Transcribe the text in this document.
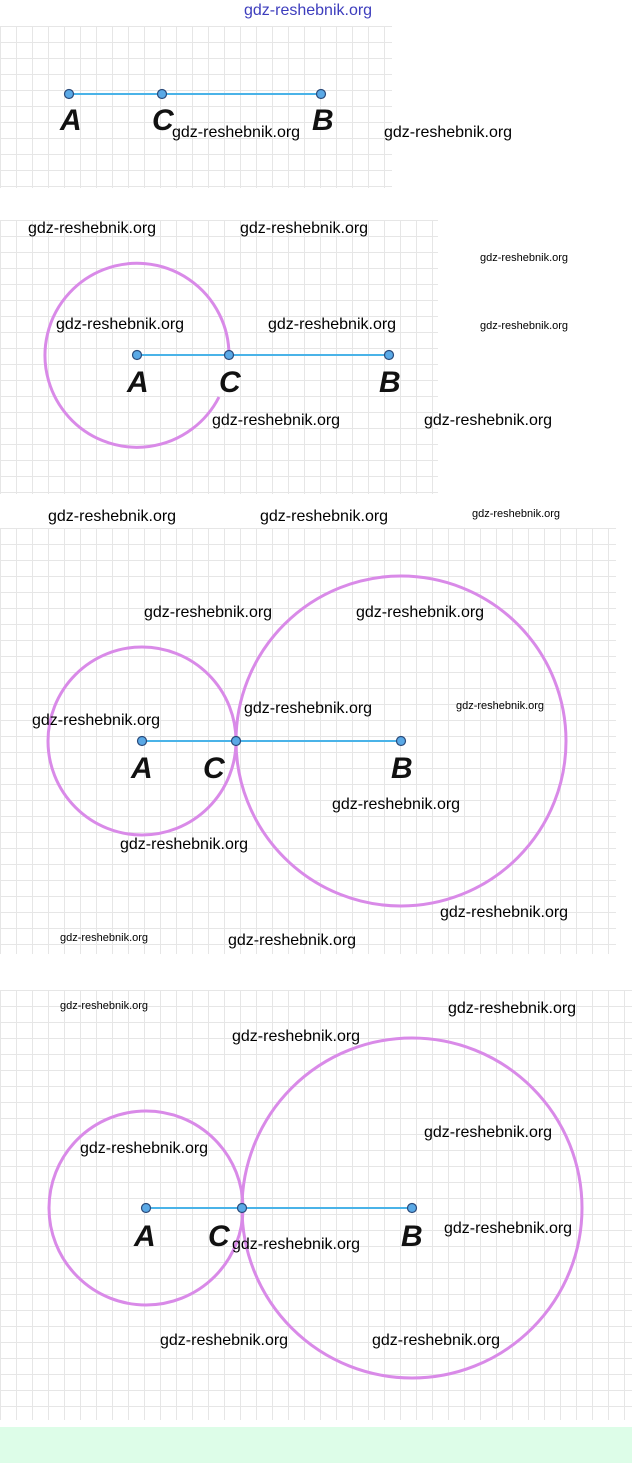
gdz-reshebnik.org
A C	B
A C	B
A C	B
A C	B
gdz-reshebnik.org	gdz-reshebnik.org
gdz-reshebnik.org	gdz-reshebnik.org
gdz-reshebnik.org
gdz-reshebnik.org	gdz-reshebnik.org	gdz-reshebnik.org
gdz-reshebnik.org	gdz-reshebnik.org
gdz-reshebnik.org	gdz-reshebnik.org	gdz-reshebnik.org
gdz-reshebnik.org	gdz-reshebnik.org
gdz-reshebnik.org	gdz-reshebnik.org
gdz-reshebnik.org
gdz-reshebnik.org
gdz-reshebnik.org
gdz-reshebnik.org
gdz-reshebnik.org	gdz-reshebnik.org
gdz-reshebnik.org	gdz-reshebnik.org
gdz-reshebnik.org
gdz-reshebnik.org
gdz-reshebnik.org
gdz-reshebnik.org
gdz-reshebnik.org
gdz-reshebnik.org	gdz-reshebnik.org
